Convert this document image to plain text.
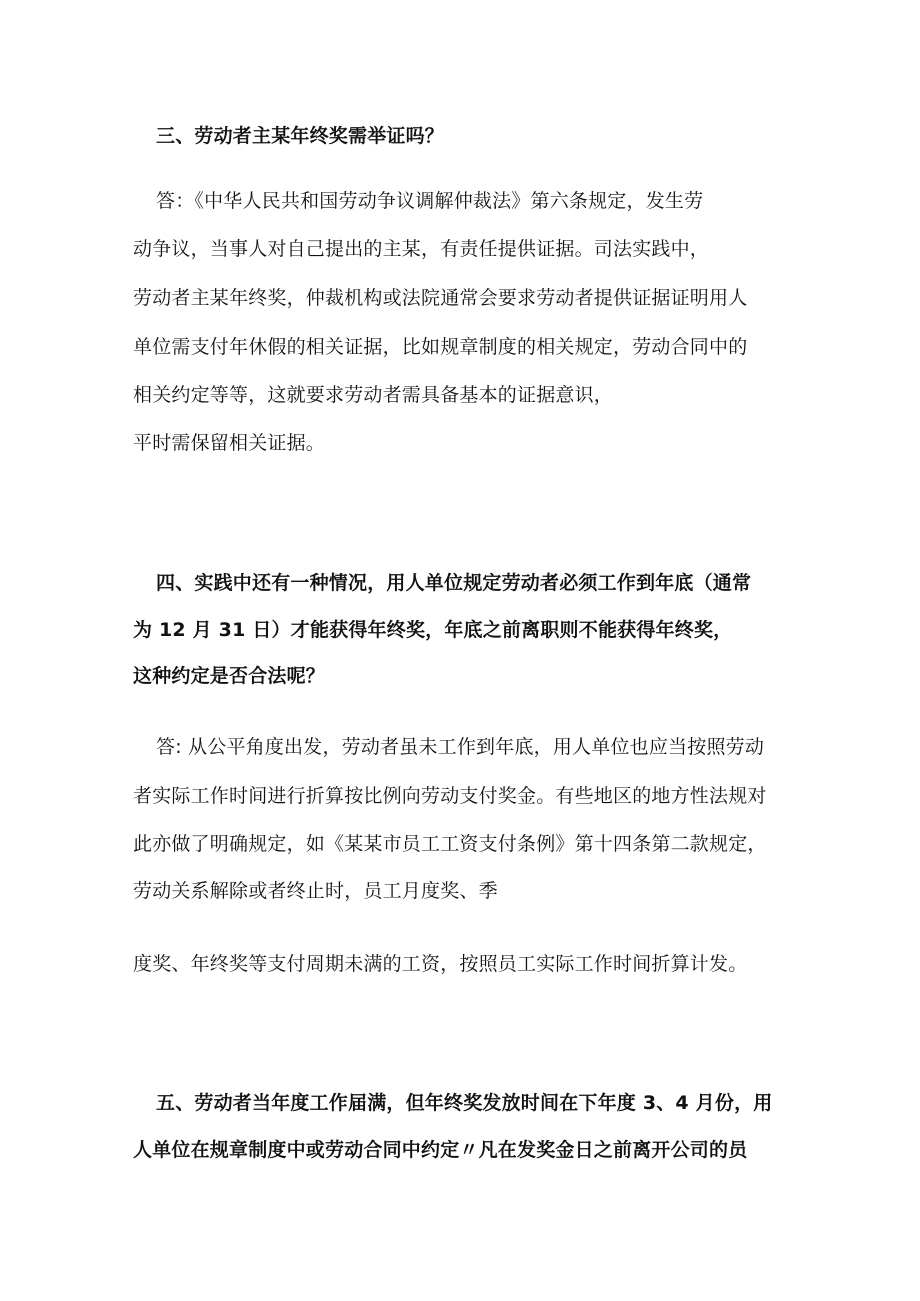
三、劳动者主某年终奖需举证吗？
答：《中华人民共和国劳动争议调解仲裁法》第六条规定，发生劳
动争议，当事人对自己提出的主某，有责任提供证据。司法实践中，
劳动者主某年终奖，仲裁机构或法院通常会要求劳动者提供证据证明用人
单位需支付年休假的相关证据，比如规章制度的相关规定，劳动合同中的
相关约定等等，这就要求劳动者需具备基本的证据意识，
平时需保留相关证据。
四、实践中还有一种情况，用人单位规定劳动者必须工作到年底（通常
为 12 月 31 日）才能获得年终奖，年底之前离职则不能获得年终奖，
这种约定是否合法呢？
答: 从公平角度出发，劳动者虽未工作到年底，用人单位也应当按照劳动
者实际工作时间进行折算按比例向劳动支付奖金。有些地区的地方性法规对
此亦做了明确规定，如《某某市员工工资支付条例》第十四条第二款规定，
劳动关系解除或者终止时，员工月度奖、季
度奖、年终奖等支付周期未满的工资，按照员工实际工作时间折算计发。
五、劳动者当年度工作届满，但年终奖发放时间在下年度 3、4 月份，用
人单位在规章制度中或劳动合同中约定〃凡在发奖金日之前离开公司的员
